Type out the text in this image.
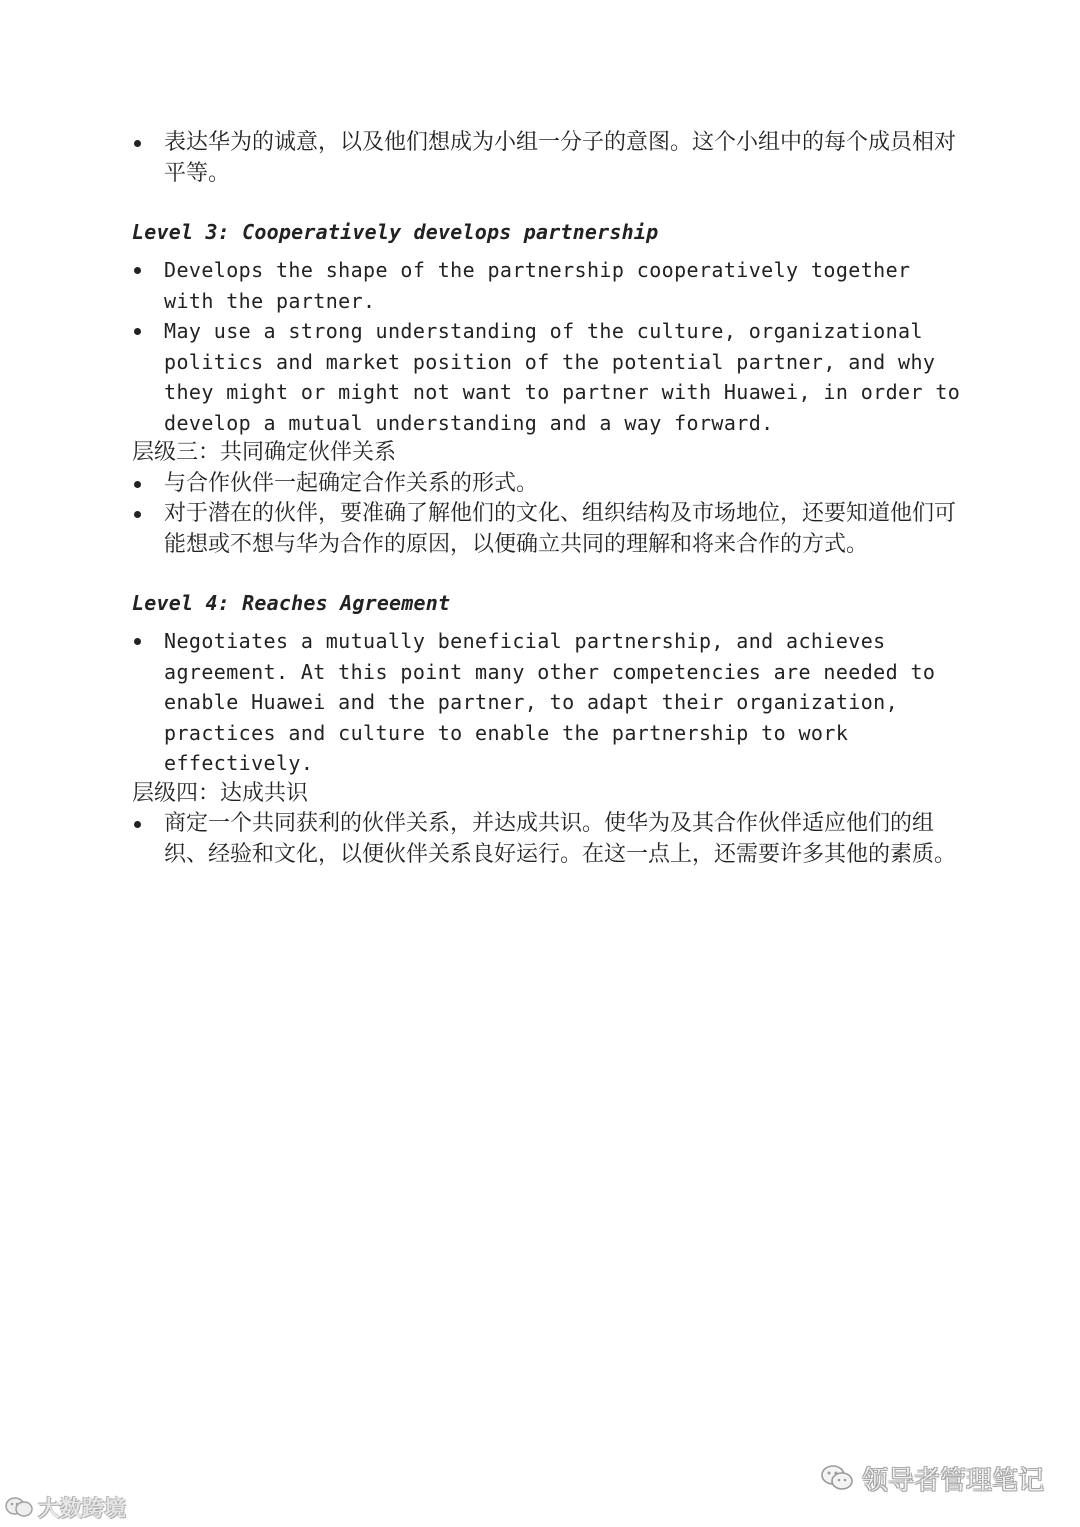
表达华为的诚意，以及他们想成为小组一分子的意图。这个小组中的每个成员相对平等。

Level 3: Cooperatively develops partnership

Develops the shape of the partnership cooperatively together with the partner.
May use a strong understanding of the culture, organizational politics and market position of the potential partner, and why they might or might not want to partner with Huawei, in order to develop a mutual understanding and a way forward.

层级三：共同确定伙伴关系

与合作伙伴一起确定合作关系的形式。
对于潜在的伙伴，要准确了解他们的文化、组织结构及市场地位，还要知道他们可能想或不想与华为合作的原因，以便确立共同的理解和将来合作的方式。

Level 4: Reaches Agreement

Negotiates a mutually beneficial partnership, and achieves agreement. At this point many other competencies are needed to enable Huawei and the partner, to adapt their organization, practices and culture to enable the partnership to work effectively.

层级四：达成共识

商定一个共同获利的伙伴关系，并达成共识。使华为及其合作伙伴适应他们的组织、经验和文化，以便伙伴关系良好运行。在这一点上，还需要许多其他的素质。
大数跨境
领导者管理笔记
